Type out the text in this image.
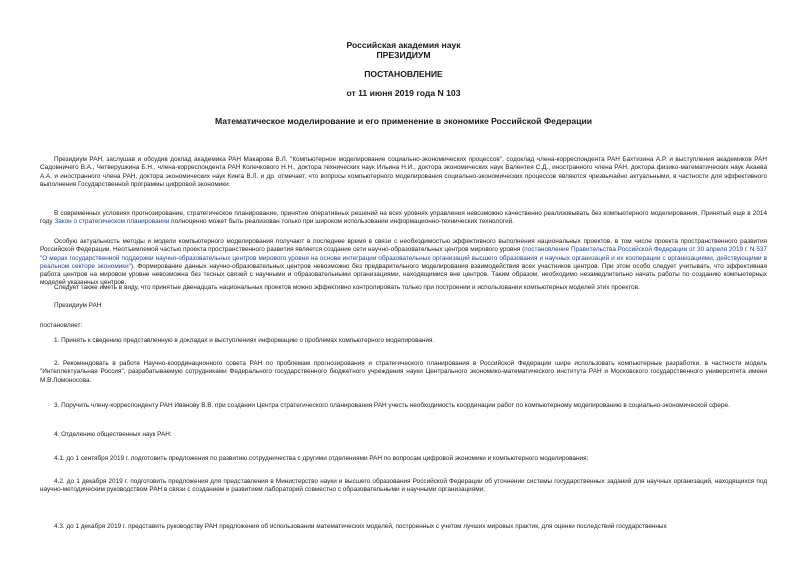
Российская академия наук
ПРЕЗИДИУМ
ПОСТАНОВЛЕНИЕ
от 11 июня 2019 года N 103
Математическое моделирование и его применение в экономике Российской Федерации

Президиум РАН, заслушав и обсудив доклад академика РАН Макарова В.Л. "Компьютерное моделирование социально-экономических процессов", содоклад члена-корреспондента РАН Бахтизина А.Р. и выступления академиков РАН Садовничего В.А., Четверушкина Б.Н., члена-корреспондента РАН Колечкового Н.Н., доктора технических наук Ильина Н.И., доктора экономических наук Валентея С.Д., иностранного члена РАН, доктора физико-математических наук Акаева А.А. и иностранного члена РАН, доктора экономических наук Кинга В.Л. и др. отмечает, что вопросы компьютерного моделирования социально-экономических процессов являются чрезвычайно актуальными, в частности для эффективного выполнения Государственной программы цифровой экономики.

В современных условиях прогнозирование, стратегическое планирование, принятие оперативных решений на всех уровнях управления невозможно качественно реализовывать без компьютерного моделирования. Принятый еще в 2014 году Закон о стратегическом планировании полноценно может быть реализован только при широком использовании информационно-технических технологий.

Особую актуальность методы и модели компьютерного моделирования получают в последнее время в связи с необходимостью эффективного выполнения национальных проектов, в том числе проекта пространственного развития Российской Федерации. Неотъемлемой частью проекта пространственного развития является создание сети научно-образовательных центров мирового уровня (постановление Правительства Российской Федерации от 30 апреля 2019 г. N 537 "О мерах государственной поддержки научно-образовательных центров мирового уровня на основе интеграции образовательных организаций высшего образования и научных организаций и их кооперации с организациями, действующими в реальном секторе экономики"). Формирование данных научно-образовательных центров невозможно без предварительного моделирования взаимодействия всех участников центров. При этом особо следует учитывать, что эффективная работа центров на мировом уровне невозможна без тесных связей с научными и образовательными организациями, находящимися вне центров. Таким образом, необходимо незамедлительно начать работы по созданию компьютерных моделей указанных центров.

Следует также иметь в виду, что принятые двенадцать национальных проектов можно эффективно контролировать только при построении и использовании компьютерных моделей этих проектов.

Президиум РАН

постановляет:

1. Принять к сведению представленную в докладах и выступлениях информацию о проблемах компьютерного моделирования.

2. Рекомендовать в работе Научно-координационного совета РАН по проблемам прогнозирования и стратегического планирования в Российской Федерации шире использовать компьютерные разработки, в частности модель "Интеллектуальная Россия", разрабатываемую сотрудниками Федерального государственного бюджетного учреждения науки Центрального экономико-математического института РАН и Московского государственного университета имени М.В.Ломоносова.

3. Поручить члену-корреспонденту РАН Иванову В.В. при создании Центра стратегического планирования РАН учесть необходимость координации работ по компьютерному моделированию в социально-экономической сфере.

4. Отделению общественных наук РАН:

4.1. до 1 сентября 2019 г. подготовить предложения по развитию сотрудничества с другими отделениями РАН по вопросам цифровой экономики и компьютерного моделирования;

4.2. до 1 декабря 2019 г. подготовить предложения для представления в Министерство науки и высшего образования Российской Федерации об уточнении системы государственных заданий для научных организаций, находящихся под научно-методическим руководством РАН в связи с созданием и развитием лабораторий совместно с образовательными и научными организациями;

4.3. до 1 декабря 2019 г. представить руководству РАН предложения об использовании математических моделей, построенных с учетом лучших мировых практик, для оценки последствий государственных
